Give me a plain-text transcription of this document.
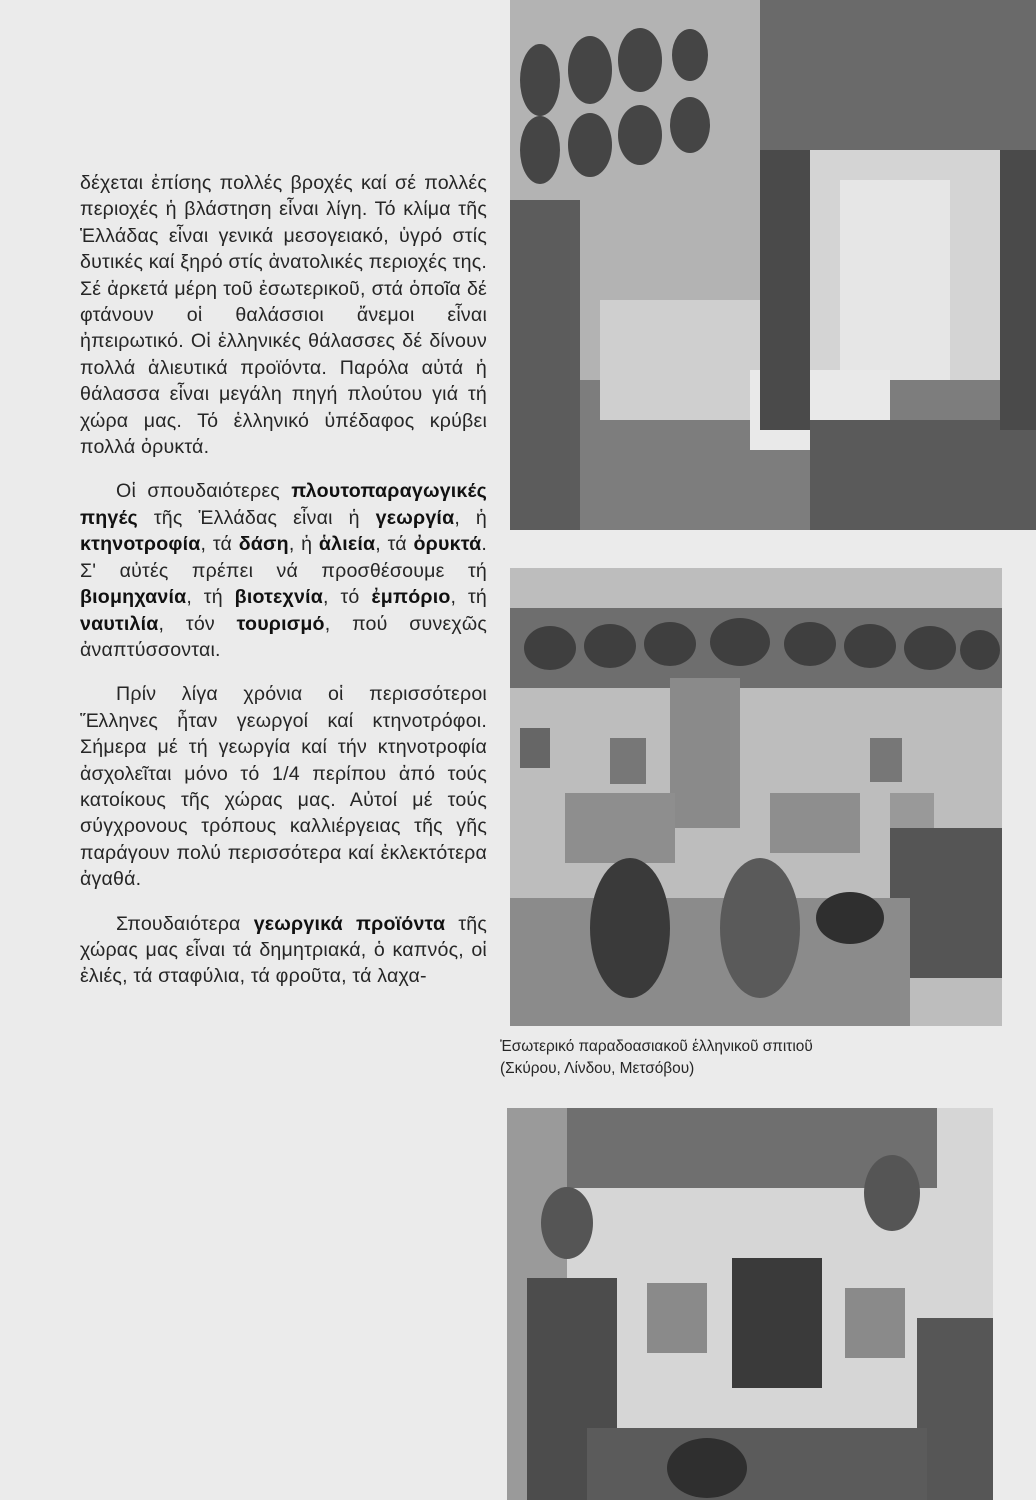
δέχεται ἐπίσης πολλές βροχές καί σέ πολλές περιοχές ἡ βλάστηση εἶναι λίγη. Τό κλίμα τῆς Ἑλλάδας εἶναι γενικά μεσογειακό, ὑγρό στίς δυτικές καί ξηρό στίς ἀνατολικές περιοχές της. Σέ ἀρκετά μέρη τοῦ ἐσωτερικοῦ, στά ὁποῖα δέ φτάνουν οἱ θαλάσσιοι ἄνεμοι εἶναι ἠπειρωτικό. Οἱ ἑλληνικές θάλασσες δέ δίνουν πολλά ἁλιευτικά προϊόντα. Παρόλα αὐτά ἡ θάλασσα εἶναι μεγάλη πηγή πλούτου γιά τή χώρα μας. Τό ἑλληνικό ὑπέδαφος κρύβει πολλά ὀρυκτά.

Οἱ σπουδαιότερες πλουτοπαραγωγικές πηγές τῆς Ἑλλάδας εἶναι ἡ γεωργία, ἡ κτηνοτροφία, τά δάση, ἡ ἁλιεία, τά ὀρυκτά. Σ' αὐτές πρέπει νά προσθέσουμε τή βιομηχανία, τή βιοτεχνία, τό ἐμπόριο, τή ναυτιλία, τόν τουρισμό, πού συνεχῶς ἀναπτύσσονται.

Πρίν λίγα χρόνια οἱ περισσότεροι Ἕλληνες ἦταν γεωργοί καί κτηνοτρόφοι. Σήμερα μέ τή γεωργία καί τήν κτηνοτροφία ἀσχολεῖται μόνο τό 1/4 περίπου ἀπό τούς κατοίκους τῆς χώρας μας. Αὐτοί μέ τούς σύγχρονους τρόπους καλλιέργειας τῆς γῆς παράγουν πολύ περισσότερα καί ἐκλεκτότερα ἀγαθά.

Σπουδαιότερα γεωργικά προϊόντα τῆς χώρας μας εἶναι τά δημητριακά, ὁ καπνός, οἱ ἐλιές, τά σταφύλια, τά φροῦτα, τά λαχα-

Ἐσωτερικό παραδοασιακοῦ ἑλληνικοῦ σπιτιοῦ
(Σκύρου, Λίνδου, Μετσόβου)
